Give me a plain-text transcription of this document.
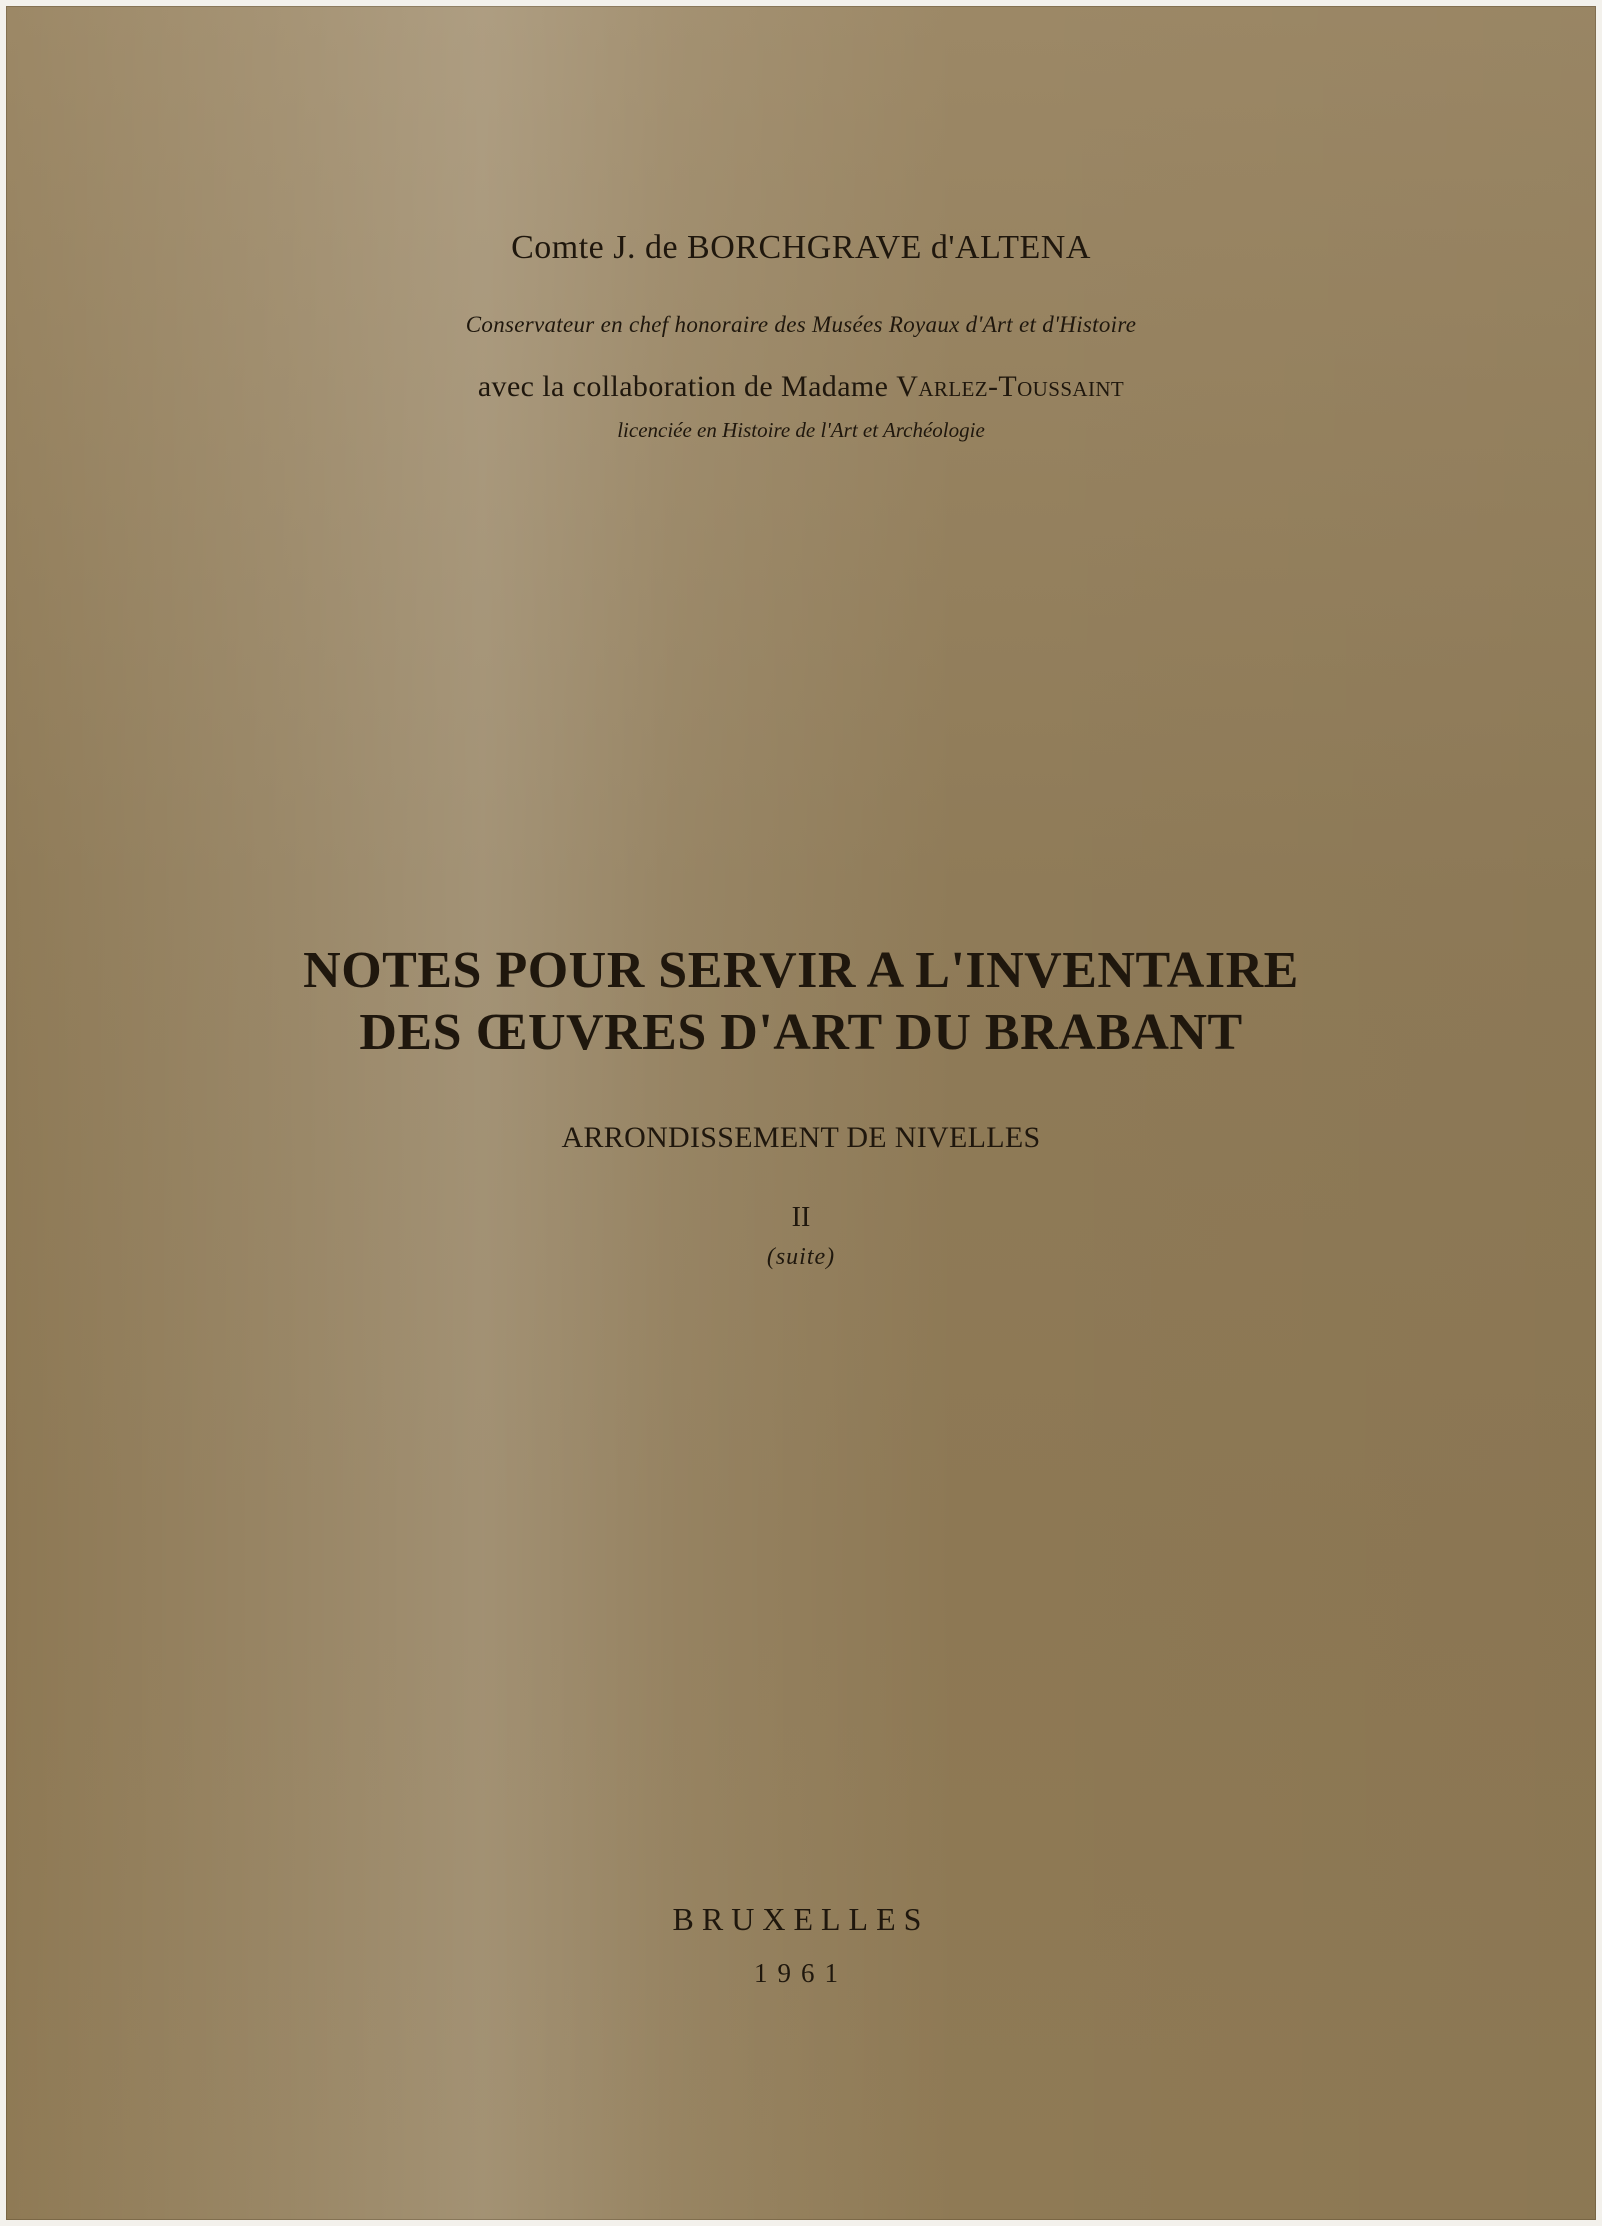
Comte J. de BORCHGRAVE d'ALTENA
Conservateur en chef honoraire des Musées Royaux d'Art et d'Histoire
avec la collaboration de Madame Varlez-Toussaint
licenciée en Histoire de l'Art et Archéologie
NOTES POUR SERVIR A L'INVENTAIRE
DES ŒUVRES D'ART DU BRABANT
ARRONDISSEMENT DE NIVELLES
II
(suite)
BRUXELLES
1961
